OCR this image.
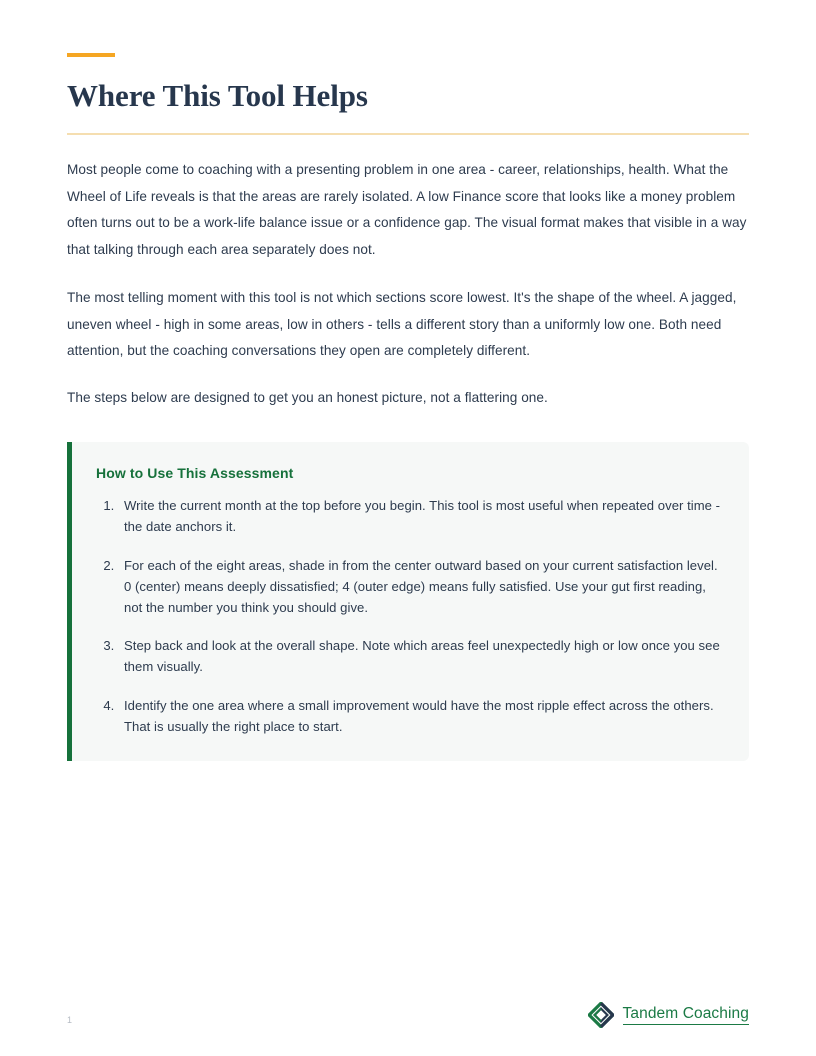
Where This Tool Helps

Most people come to coaching with a presenting problem in one area - career, relationships, health. What the Wheel of Life reveals is that the areas are rarely isolated. A low Finance score that looks like a money problem often turns out to be a work-life balance issue or a confidence gap. The visual format makes that visible in a way that talking through each area separately does not.

The most telling moment with this tool is not which sections score lowest. It's the shape of the wheel. A jagged, uneven wheel - high in some areas, low in others - tells a different story than a uniformly low one. Both need attention, but the coaching conversations they open are completely different.

The steps below are designed to get you an honest picture, not a flattering one.

How to Use This Assessment
1. Write the current month at the top before you begin. This tool is most useful when repeated over time - the date anchors it.
2. For each of the eight areas, shade in from the center outward based on your current satisfaction level. 0 (center) means deeply dissatisfied; 4 (outer edge) means fully satisfied. Use your gut first reading, not the number you think you should give.
3. Step back and look at the overall shape. Note which areas feel unexpectedly high or low once you see them visually.
4. Identify the one area where a small improvement would have the most ripple effect across the others. That is usually the right place to start.
1	Tandem Coaching
